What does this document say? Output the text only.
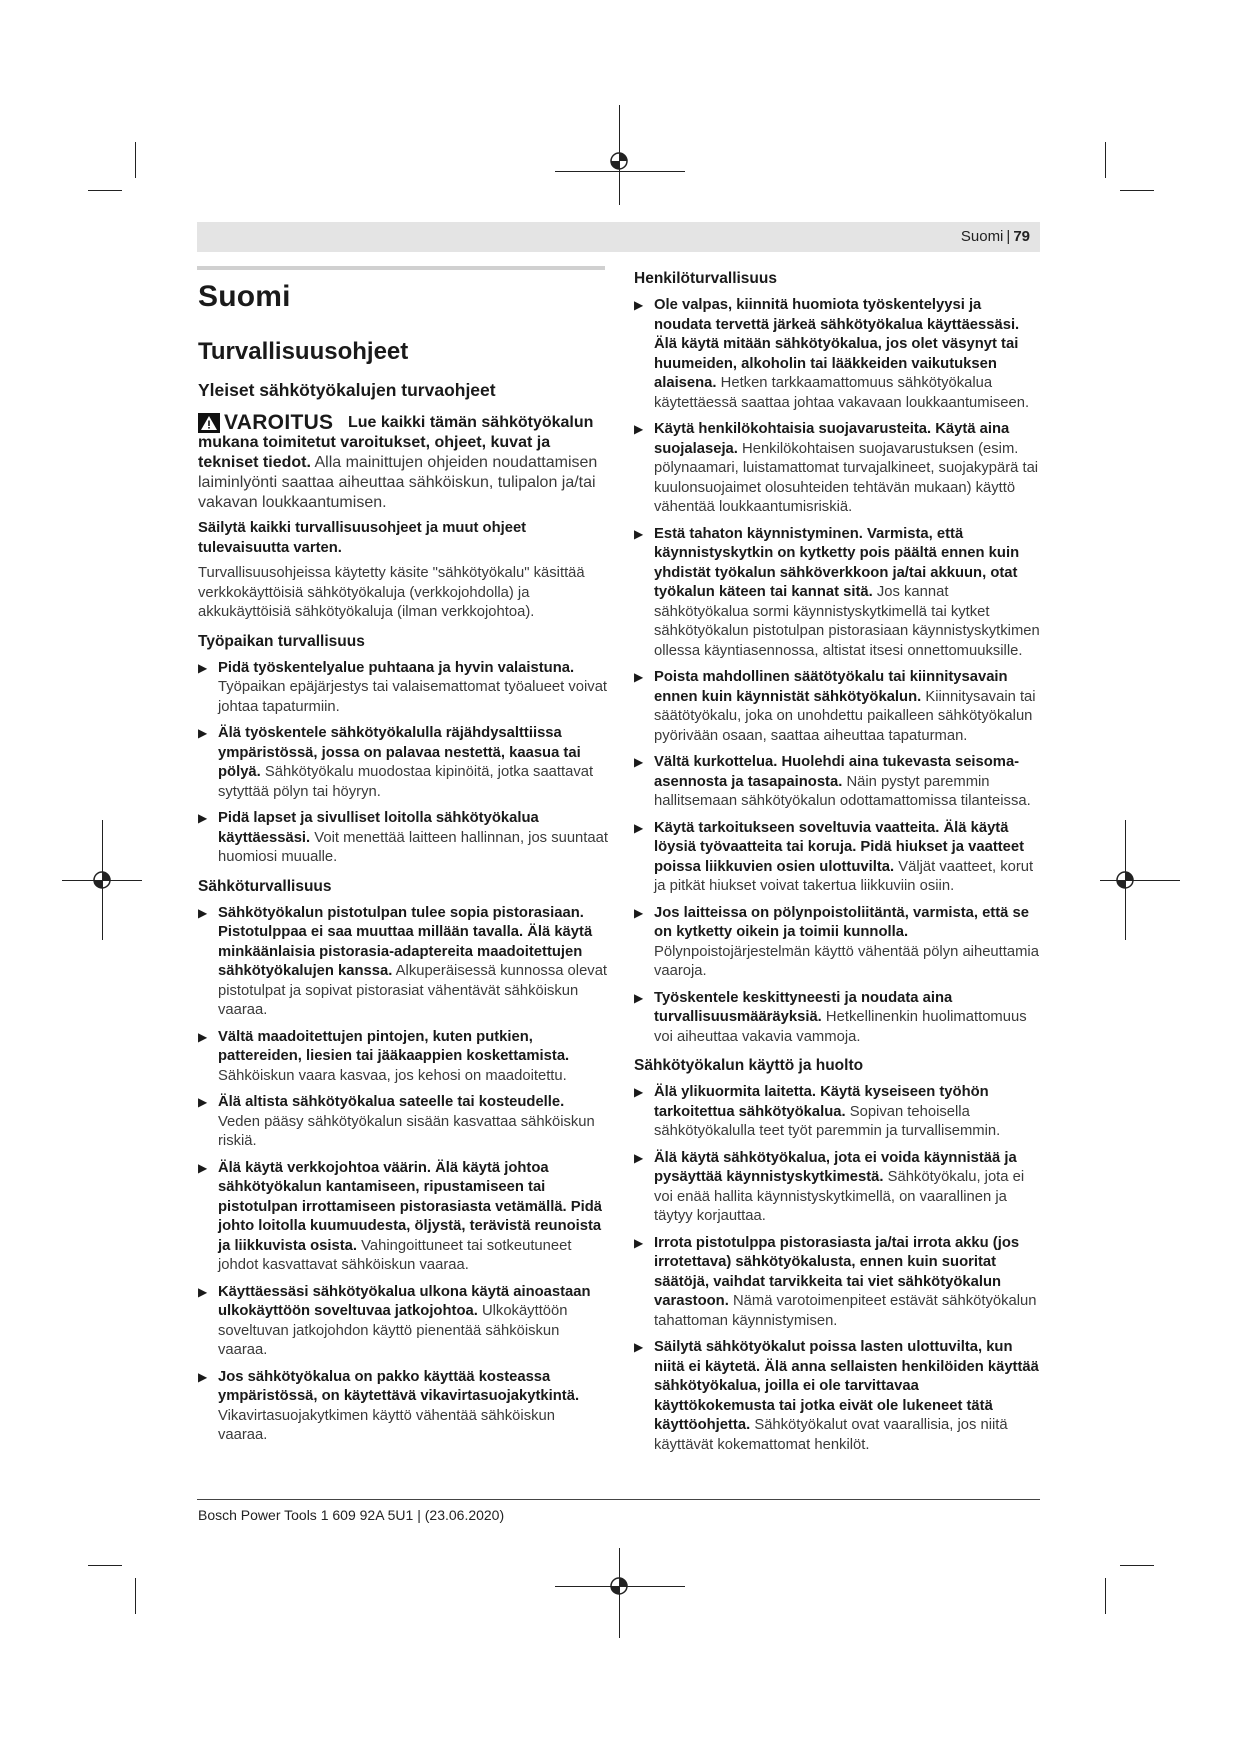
Suomi | 79
Suomi
Turvallisuusohjeet
Yleiset sähkötyökalujen turvaohjeet
VAROITUS Lue kaikki tämän sähkötyökalun mukana toimitetut varoitukset, ohjeet, kuvat ja tekniset tiedot. Alla mainittujen ohjeiden noudattamisen laiminlyönti saattaa aiheuttaa sähköiskun, tulipalon ja/tai vakavan loukkaantumisen.

Säilytä kaikki turvallisuusohjeet ja muut ohjeet tulevaisuutta varten.

Turvallisuusohjeissa käytetty käsite "sähkötyökalu" käsittää verkkokäyttöisiä sähkötyökaluja (verkkojohdolla) ja akkukäyttöisiä sähkötyökaluja (ilman verkkojohtoa).

Työpaikan turvallisuus
▶ Pidä työskentelyalue puhtaana ja hyvin valaistuna. Työpaikan epäjärjestys tai valaisemattomat työalueet voivat johtaa tapaturmiin.
▶ Älä työskentele sähkötyökalulla räjähdysalttiissa ympäristössä, jossa on palavaa nestettä, kaasua tai pölyä. Sähkötyökalu muodostaa kipinöitä, jotka saattavat sytyttää pölyn tai höyryn.
▶ Pidä lapset ja sivulliset loitolla sähkötyökalua käyttäessäsi. Voit menettää laitteen hallinnan, jos suuntaat huomiosi muualle.
Sähköturvallisuus
▶ Sähkötyökalun pistotulpan tulee sopia pistorasiaan. Pistotulppaa ei saa muuttaa millään tavalla. Älä käytä minkäänlaisia pistorasia-adaptereita maadoitettujen sähkötyökalujen kanssa. Alkuperäisessä kunnossa olevat pistotulpat ja sopivat pistorasiat vähentävät sähköiskun vaaraa.
▶ Vältä maadoitettujen pintojen, kuten putkien, pattereiden, liesien tai jääkaappien koskettamista. Sähköiskun vaara kasvaa, jos kehosi on maadoitettu.
▶ Älä altista sähkötyökalua sateelle tai kosteudelle. Veden pääsy sähkötyökalun sisään kasvattaa sähköiskun riskiä.
▶ Älä käytä verkkojohtoa väärin. Älä käytä johtoa sähkötyökalun kantamiseen, ripustamiseen tai pistotulpan irrottamiseen pistorasiasta vetämällä. Pidä johto loitolla kuumuudesta, öljystä, terävistä reunoista ja liikkuvista osista. Vahingoittuneet tai sotkeutuneet johdot kasvattavat sähköiskun vaaraa.
▶ Käyttäessäsi sähkötyökalua ulkona käytä ainoastaan ulkokäyttöön soveltuvaa jatkojohtoa. Ulkokäyttöön soveltuvan jatkojohdon käyttö pienentää sähköiskun vaaraa.
▶ Jos sähkötyökalua on pakko käyttää kosteassa ympäristössä, on käytettävä vikavirtasuojakytkintä. Vikavirtasuojakytkimen käyttö vähentää sähköiskun vaaraa.
Henkilöturvallisuus
▶ Ole valpas, kiinnitä huomiota työskentelyysi ja noudata tervettä järkeä sähkötyökalua käyttäessäsi. Älä käytä mitään sähkötyökalua, jos olet väsynyt tai huumeiden, alkoholin tai lääkkeiden vaikutuksen alaisena. Hetken tarkkaamattomuus sähkötyökalua käytettäessä saattaa johtaa vakavaan loukkaantumiseen.
▶ Käytä henkilökohtaisia suojavarusteita. Käytä aina suojalaseja. Henkilökohtaisen suojavarustuksen (esim. pölynaamari, luistamattomat turvajalkineet, suojakypärä tai kuulonsuojaimet olosuhteiden tehtävän mukaan) käyttö vähentää loukkaantumisriskiä.
▶ Estä tahaton käynnistyminen. Varmista, että käynnistyskytkin on kytketty pois päältä ennen kuin yhdistät työkalun sähköverkkoon ja/tai akkuun, otat työkalun käteen tai kannat sitä. Jos kannat sähkötyökalua sormi käynnistyskytkimellä tai kytket sähkötyökalun pistotulpan pistorasiaan käynnistyskytkimen ollessa käyntiasennossa, altistat itsesi onnettomuuksille.
▶ Poista mahdollinen säätötyökalu tai kiinnitysavain ennen kuin käynnistät sähkötyökalun. Kiinnitysavain tai säätötyökalu, joka on unohdettu paikalleen sähkötyökalun pyörivään osaan, saattaa aiheuttaa tapaturman.
▶ Vältä kurkottelua. Huolehdi aina tukevasta seisoma-asennosta ja tasapainosta. Näin pystyt paremmin hallitsemaan sähkötyökalun odottamattomissa tilanteissa.
▶ Käytä tarkoitukseen soveltuvia vaatteita. Älä käytä löysiä työvaatteita tai koruja. Pidä hiukset ja vaatteet poissa liikkuvien osien ulottuvilta. Väljät vaatteet, korut ja pitkät hiukset voivat takertua liikkuviin osiin.
▶ Jos laitteissa on pölynpoistoliitäntä, varmista, että se on kytketty oikein ja toimii kunnolla. Pölynpoistojärjestelmän käyttö vähentää pölyn aiheuttamia vaaroja.
▶ Työskentele keskittyneesti ja noudata aina turvallisuusmääräyksiä. Hetkellinenkin huolimattomuus voi aiheuttaa vakavia vammoja.
Sähkötyökalun käyttö ja huolto
▶ Älä ylikuormita laitetta. Käytä kyseiseen työhön tarkoitettua sähkötyökalua. Sopivan tehoisella sähkötyökalulla teet työt paremmin ja turvallisemmin.
▶ Älä käytä sähkötyökalua, jota ei voida käynnistää ja pysäyttää käynnistyskytkimestä. Sähkötyökalu, jota ei voi enää hallita käynnistyskytkimellä, on vaarallinen ja täytyy korjauttaa.
▶ Irrota pistotulppa pistorasiasta ja/tai irrota akku (jos irrotettava) sähkötyökalusta, ennen kuin suoritat säätöjä, vaihdat tarvikkeita tai viet sähkötyökalun varastoon. Nämä varotoimenpiteet estävät sähkötyökalun tahattoman käynnistymisen.
▶ Säilytä sähkötyökalut poissa lasten ulottuvilta, kun niitä ei käytetä. Älä anna sellaisten henkilöiden käyttää sähkötyökalua, joilla ei ole tarvittavaa käyttökokemusta tai jotka eivät ole lukeneet tätä käyttöohjetta. Sähkötyökalut ovat vaarallisia, jos niitä käyttävät kokemattomat henkilöt.
Bosch Power Tools 1 609 92A 5U1 | (23.06.2020)
